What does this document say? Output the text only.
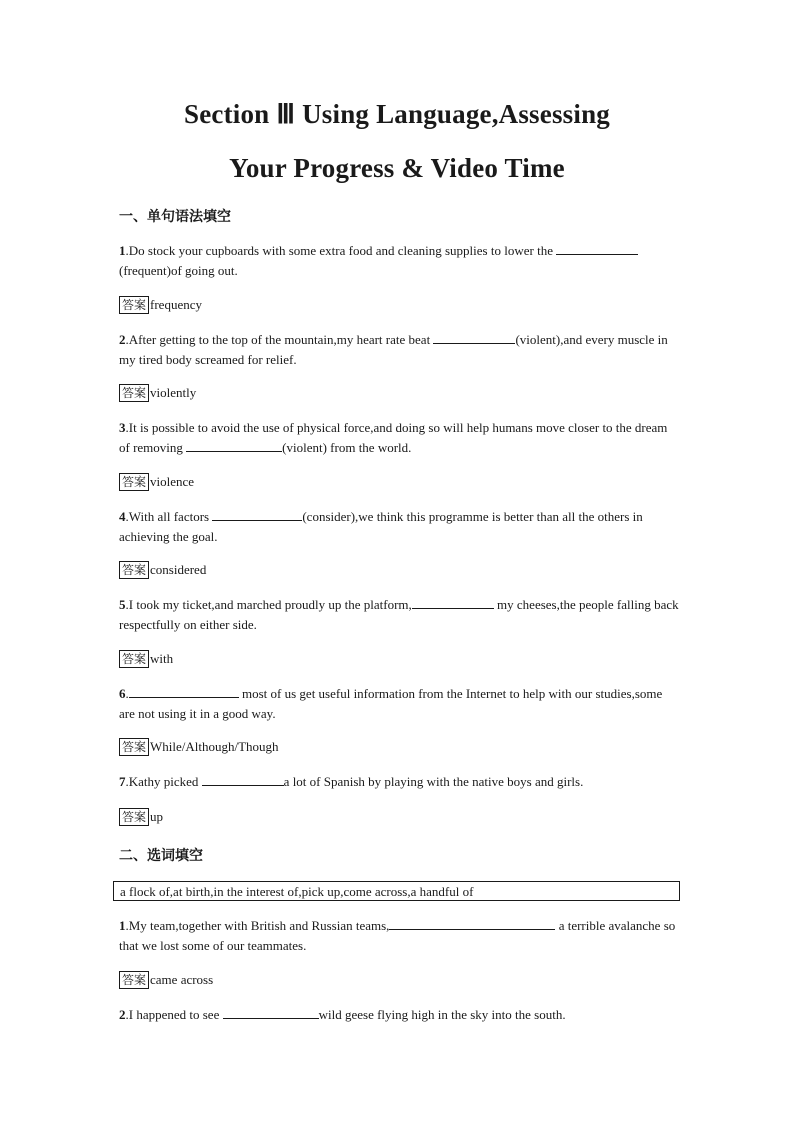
Section Ⅲ Using Language,Assessing
Your Progress & Video Time
一、单句语法填空
1.Do stock your cupboards with some extra food and cleaning supplies to lower the (frequent)of going out.
答案 frequency
2.After getting to the top of the mountain,my heart rate beat	(violent),and every muscle in my tired body screamed for relief.
答案 violently
3.It is possible to avoid the use of physical force,and doing so will help humans move closer to the dream of removing	(violent) from the world.
答案 violence
4.With all factors	(consider),we think this programme is better than all the others in achieving the goal.
答案 considered
5.I took my ticket,and marched proudly up the platform,	my cheeses,the people falling back respectfully on either side.
答案 with
6.	most of us get useful information from the Internet to help with our studies,some are not using it in a good way.
答案 While/Although/Though
7.Kathy picked	a lot of Spanish by playing with the native boys and girls.
答案 up
二、选词填空
a flock of,at birth,in the interest of,pick up,come across,a handful of
1.My team,together with British and Russian teams,	a terrible avalanche so that we lost some of our teammates.
答案 came across
2.I happened to see	wild geese flying high in the sky into the south.
